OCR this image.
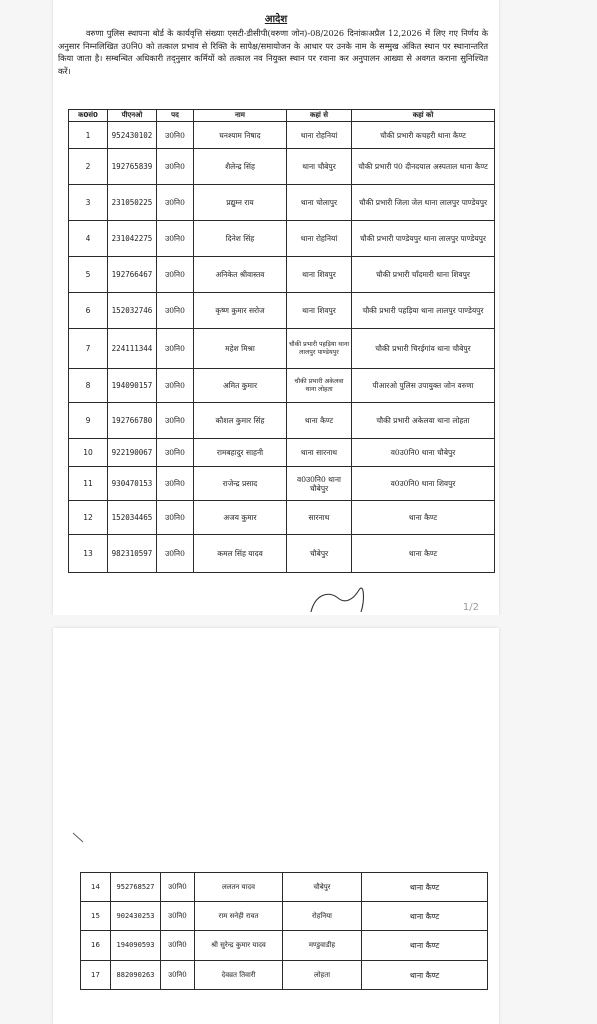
आदेश
वरुणा पुलिस स्थापना बोर्ड के कार्यवृत्ति संख्याः एसटी-डीसीपी(वरुणा जोन)-08/2026 दिनांकःअप्रैल 12,2026 में लिए गए निर्णय के अनुसार निम्नलिखित उ0नि0 को तत्काल प्रभाव से रिक्ति के सापेक्ष/समायोजन के आधार पर उनके नाम के सम्मुख अंकित स्थान पर स्थानान्तरित किया जाता है। सम्बन्धित अधिकारी तद्नुसार कर्मियों को तत्काल नव नियुक्त स्थान पर रवाना कर अनुपालन आख्या से अवगत कराना सुनिश्चित करें।
क0सं0	पीएनओ	पद	नाम	कहां से	कहां को
1	952430102	उ0नि0	घनश्याम निषाद	थाना रोहनियां	चौकी प्रभारी कचहरी थाना कैण्ट
2	192765839	उ0नि0	शैलेन्द्र सिंह	थाना चौबेपुर	चौकी प्रभारी पं0 दीनदयाल अस्पताल थाना कैण्ट
3	231050225	उ0नि0	प्रद्युम्न राय	थाना चोलापुर	चौकी प्रभारी जिला जेल थाना लालपुर पाण्डेयपुर
4	231042275	उ0नि0	दिनेश सिंह	थाना रोहनियां	चौकी प्रभारी पाण्डेयपुर थाना लालपुर पाण्डेयपुर
5	192766467	उ0नि0	अनिकेत श्रीवास्तव	थाना शिवपुर	चौकी प्रभारी चाँदमारी थाना शिवपुर
6	152032746	उ0नि0	कृष्ण कुमार सरोज	थाना शिवपुर	चौकी प्रभारी पहड़िया थाना लालपुर पाण्डेयपुर
7	224111344	उ0नि0	महेश मिश्रा	चौकी प्रभारी पहड़िया थाना लालपुर पाण्डेयपुर	चौकी प्रभारी चिरईगांव थाना चौबेपुर
8	194090157	उ0नि0	अमित कुमार	चौकी प्रभारी अकेलवा थाना लोहता	पीआरओ पुलिस उपायुक्त जोन वरुणा
9	192766780	उ0नि0	कौशल कुमार सिंह	थाना कैण्ट	चौकी प्रभारी अकेलवा थाना लोहता
10	922190067	उ0नि0	रामबहादुर साहनी	थाना सारनाथ	व0उ0नि0 थाना चौबेपुर
11	930470153	उ0नि0	राजेन्द्र प्रसाद	व0उ0नि0 थाना चौबेपुर	व0उ0नि0 थाना शिवपुर
12	152034465	उ0नि0	अजय कुमार	सारनाथ	थाना कैण्ट
13	982310597	उ0नि0	कमल सिंह यादव	चौबेपुर	थाना कैण्ट
1/2
14	952768527	उ0नि0	ललतन यादव	चौबेपुर	थाना कैण्ट
15	902430253	उ0नि0	राम सनेही रावत	रोहनिया	थाना कैण्ट
16	194090593	उ0नि0	श्री सुरेन्द्र कुमार यादव	मण्डुवाडीह	थाना कैण्ट
17	882090263	उ0नि0	देवव्रत तिवारी	लोहता	थाना कैण्ट
